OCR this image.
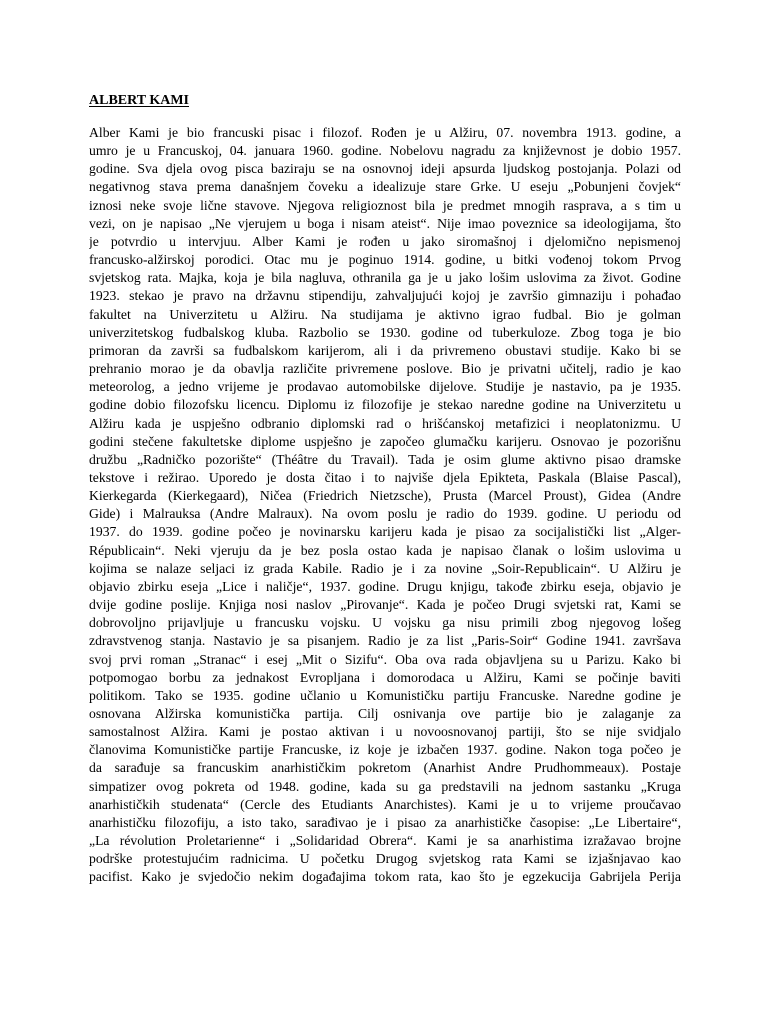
ALBERT KAMI
Alber Kami je bio francuski pisac i filozof. Rođen je u Alžiru, 07. novembra 1913. godine, a
umro je u Francuskoj, 04. januara 1960. godine. Nobelovu nagradu za književnost je dobio 1957.
godine. Sva djela ovog pisca baziraju se na osnovnoj ideji apsurda ljudskog postojanja. Polazi od
negativnog stava prema današnjem čoveku a idealizuje stare Grke. U eseju „Pobunjeni čovjek“
iznosi neke svoje lične stavove. Njegova religioznost bila je predmet mnogih rasprava, a s tim u
vezi, on je napisao „Ne vjerujem u boga i nisam ateist“. Nije imao poveznice sa ideologijama, što
je potvrdio u intervjuu. Alber Kami je rođen u jako siromašnoj i djelomično nepismenoj
francusko-alžirskoj porodici. Otac mu je poginuo 1914. godine, u bitki vođenoj tokom Prvog
svjetskog rata. Majka, koja je bila nagluva, othranila ga je u jako lošim uslovima za život. Godine
1923. stekao je pravo na državnu stipendiju, zahvaljujući kojoj je završio gimnaziju i pohađao
fakultet na Univerzitetu u Alžiru. Na studijama je aktivno igrao fudbal. Bio je golman
univerzitetskog fudbalskog kluba. Razbolio se 1930. godine od tuberkuloze. Zbog toga je bio
primoran da završi sa fudbalskom karijerom, ali i da privremeno obustavi studije. Kako bi se
prehranio morao je da obavlja različite privremene poslove. Bio je privatni učitelj, radio je kao
meteorolog, a jedno vrijeme je prodavao automobilske dijelove. Studije je nastavio, pa je 1935.
godine dobio filozofsku licencu. Diplomu iz filozofije je stekao naredne godine na Univerzitetu u
Alžiru kada je uspješno odbranio diplomski rad o hrišćanskoj metafizici i neoplatonizmu. U
godini stečene fakultetske diplome uspješno je započeo glumačku karijeru. Osnovao je pozorišnu
družbu „Radničko pozorište“ (Théâtre du Travail). Tada je osim glume aktivno pisao dramske
tekstove i režirao. Uporedo je dosta čitao i to najviše djela Epikteta, Paskala (Blaise Pascal),
Kierkegarda (Kierkegaard), Ničea (Friedrich Nietzsche), Prusta (Marcel Proust), Gidea (Andre
Gide) i Malrauksa (Andre Malraux). Na ovom poslu je radio do 1939. godine. U periodu od
1937. do 1939. godine počeo je novinarsku karijeru kada je pisao za socijalistički list „Alger-
Républicain“. Neki vjeruju da je bez posla ostao kada je napisao članak o lošim uslovima u
kojima se nalaze seljaci iz grada Kabile. Radio je i za novine „Soir-Republicain“. U Alžiru je
objavio zbirku eseja „Lice i naličje“, 1937. godine. Drugu knjigu, takođe zbirku eseja, objavio je
dvije godine poslije. Knjiga nosi naslov „Pirovanje“. Kada je počeo Drugi svjetski rat, Kami se
dobrovoljno prijavljuje u francusku vojsku. U vojsku ga nisu primili zbog njegovog lošeg
zdravstvenog stanja. Nastavio je sa pisanjem. Radio je za list „Paris-Soir“ Godine 1941. završava
svoj prvi roman „Stranac“ i esej „Mit o Sizifu“. Oba ova rada objavljena su u Parizu. Kako bi
potpomogao borbu za jednakost Evropljana i domorodaca u Alžiru, Kami se počinje baviti
politikom. Tako se 1935. godine učlanio u Komunističku partiju Francuske. Naredne godine je
osnovana Alžirska komunistička partija. Cilj osnivanja ove partije bio je zalaganje za
samostalnost Alžira. Kami je postao aktivan i u novoosnovanoj partiji, što se nije svidjalo
članovima Komunističke partije Francuske, iz koje je izbačen 1937. godine. Nakon toga počeo je
da sarađuje sa francuskim anarhističkim pokretom (Anarhist Andre Prudhommeaux). Postaje
simpatizer ovog pokreta od 1948. godine, kada su ga predstavili na jednom sastanku „Kruga
anarhističkih studenata“ (Cercle des Etudiants Anarchistes). Kami je u to vrijeme proučavao
anarhističku filozofiju, a isto tako, sarađivao je i pisao za anarhističke časopise: „Le Libertaire“,
„La révolution Proletarienne“ i „Solidaridad Obrera“. Kami je sa anarhistima izražavao brojne
podrške protestujućim radnicima. U početku Drugog svjetskog rata Kami se izjašnjavao kao
pacifist. Kako je svjedočio nekim događajima tokom rata, kao što je egzekucija Gabrijela Perija
